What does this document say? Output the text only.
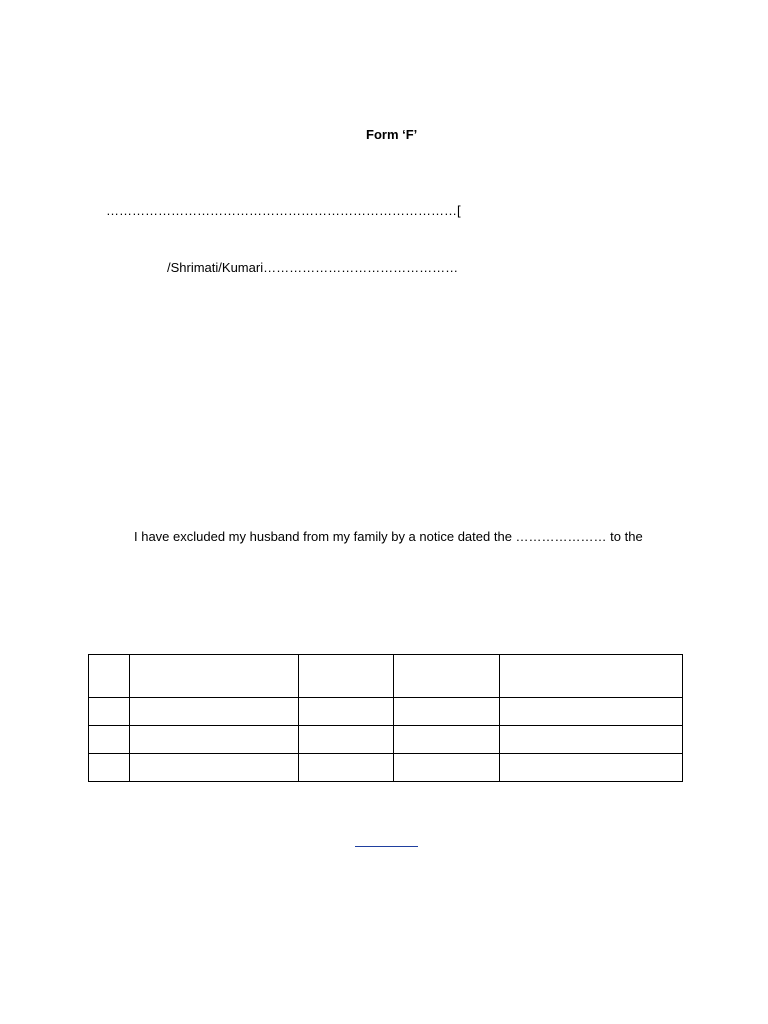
Form ‘F’
………………………………………………………………………[
/Shrimati/Kumari………………………………………
I have excluded my husband from my family by a notice dated the ………………… to the
